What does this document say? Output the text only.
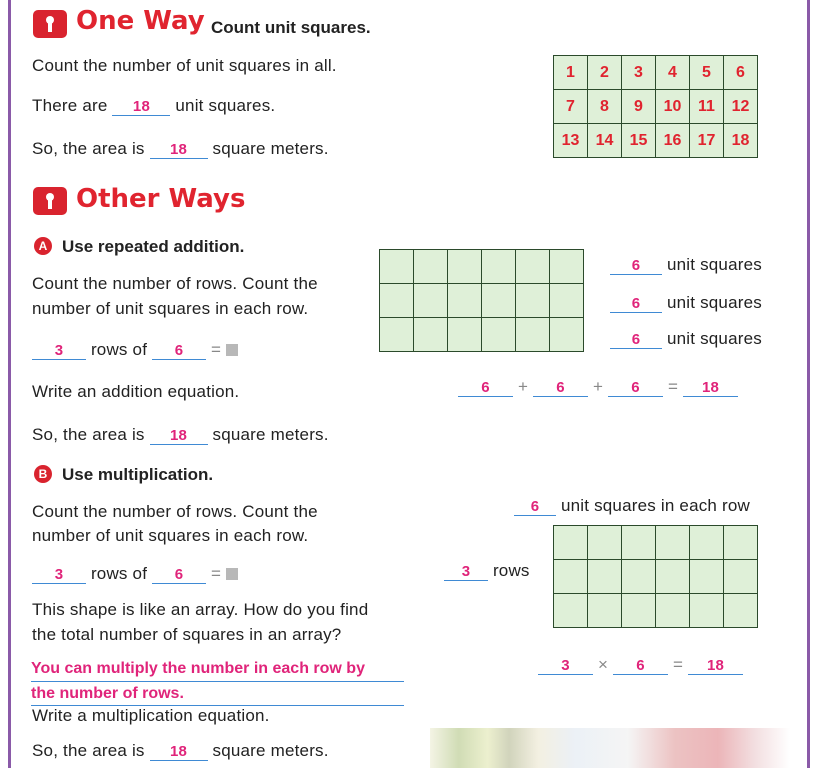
One Way Count unit squares.
Count the number of unit squares in all.
There are 18 unit squares.
So, the area is 18 square meters.
1	2	3	4	5	6
7	8	9	10	11	12
13	14	15	16	17	18
Other Ways
A Use repeated addition.
Count the number of rows. Count the
number of unit squares in each row.
3 rows of 6 =

6 unit squares
6 unit squares
6 unit squares
Write an addition equation.	6 + 6 + 6 = 18
So, the area is 18 square meters.
B Use multiplication.
Count the number of rows. Count the
number of unit squares in each row.
3 rows of 6 =
6 unit squares in each row
3 rows

This shape is like an array. How do you find
the total number of squares in an array?
You can multiply the number in each row by
the number of rows.
Write a multiplication equation.
3 × 6 = 18
So, the area is 18 square meters.
